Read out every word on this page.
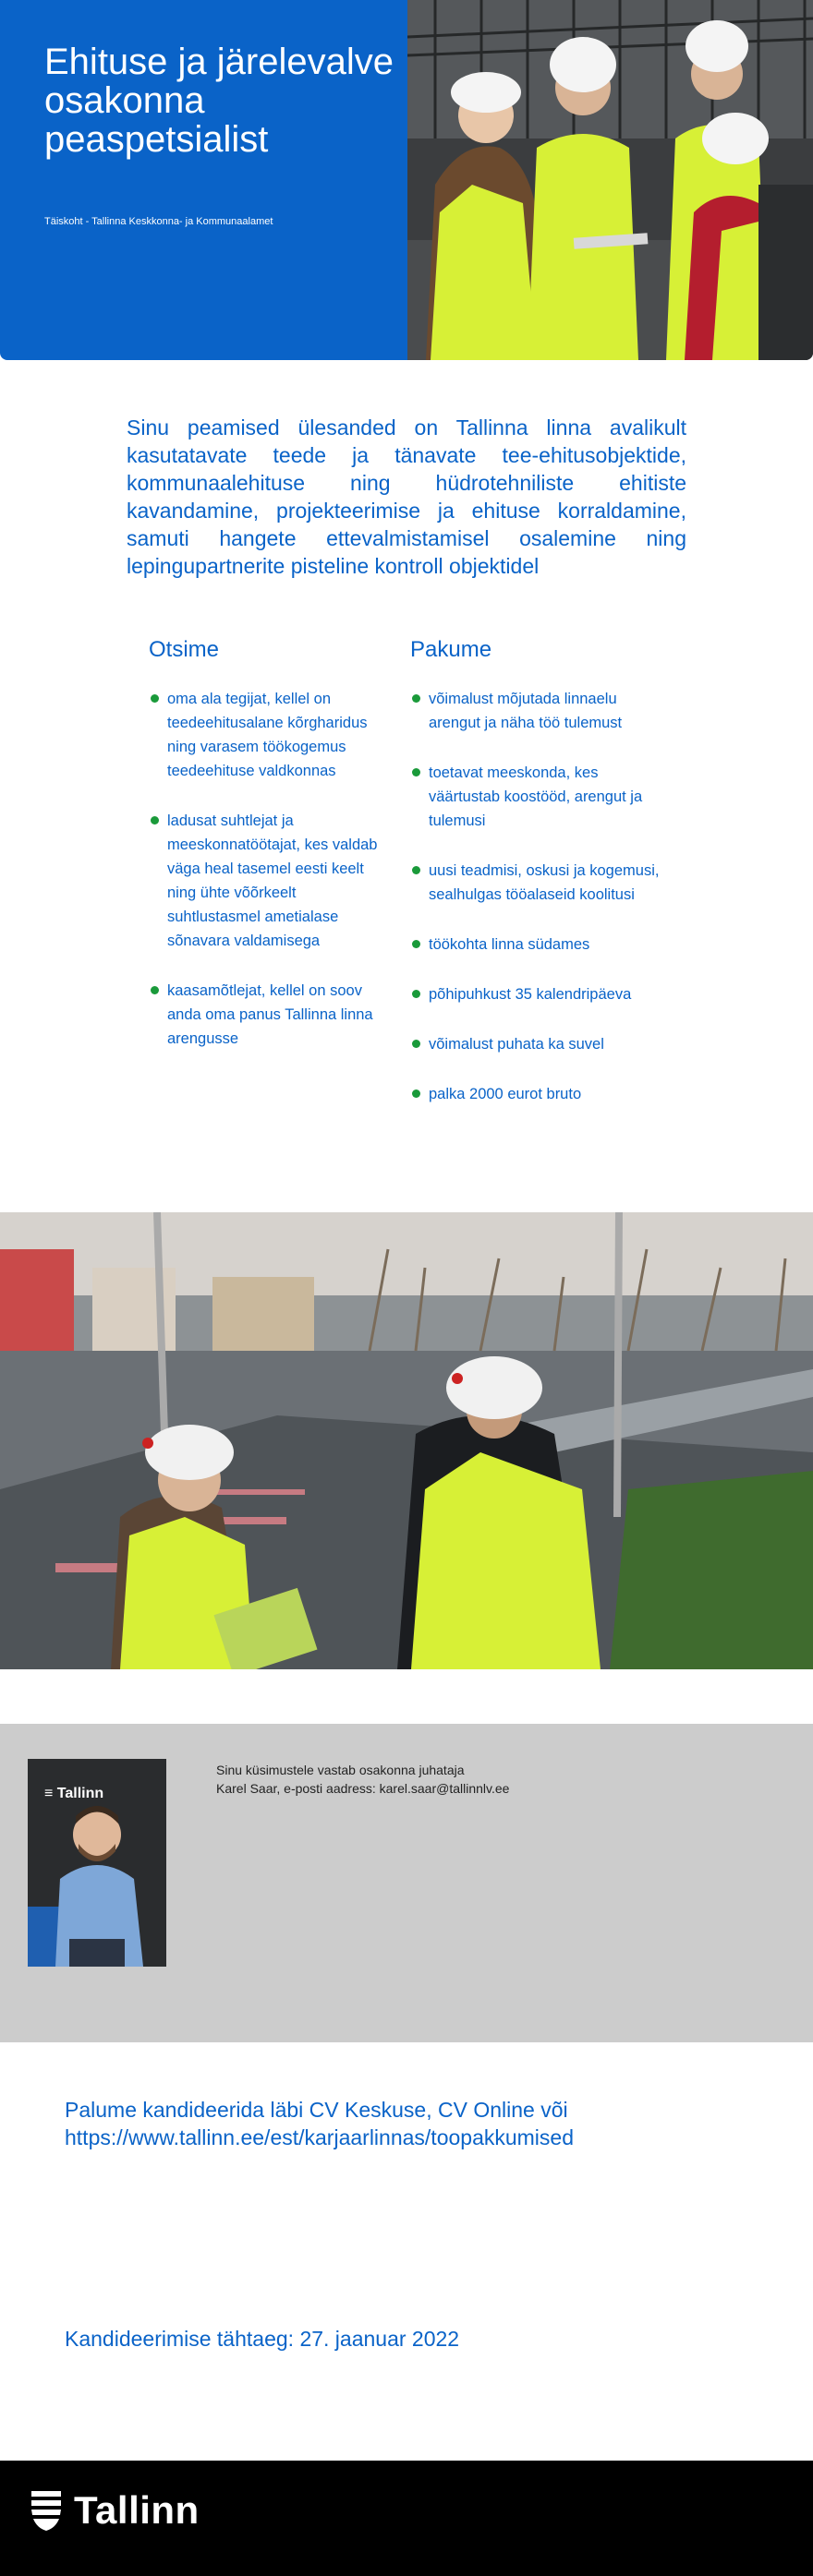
Ehituse ja järelevalve osakonna peaspetsialist
Täiskoht - Tallinna Keskkonna- ja Kommunaalamet

Sinu peamised ülesanded on Tallinna linna avalikult kasutatavate teede ja tänavate tee-ehitusobjektide, kommunaalehituse ning hüdrotehniliste ehitiste kavandamine, projekteerimise ja ehituse korraldamine, samuti hangete ettevalmistamisel osalemine ning lepingupartnerite pisteline kontroll objektidel

Otsime
oma ala tegijat, kellel on teedeehitusalane kõrgharidus ning varasem töökogemus teedeehituse valdkonnas
ladusat suhtlejat ja meeskonnatöötajat, kes valdab väga heal tasemel eesti keelt ning ühte võõrkeelt suhtlustasmel ametialase sõnavara valdamisega
kaasamõtlejat, kellel on soov anda oma panus Tallinna linna arengusse
Pakume
võimalust mõjutada linnaelu arengut ja näha töö tulemust
toetavat meeskonda, kes väärtustab koostööd, arengut ja tulemusi
uusi teadmisi, oskusi ja kogemusi, sealhulgas tööalaseid koolitusi
töökohta linna südames
põhipuhkust 35 kalendripäeva
võimalust puhata ka suvel
palka 2000 eurot bruto
≡ Tallinn
Sinu küsimustele vastab osakonna juhataja
Karel Saar, e-posti aadress: karel.saar@tallinnlv.ee

Palume kandideerida läbi CV Keskuse, CV Online või https://www.tallinn.ee/est/karjaarlinnas/toopakkumised

Kandideerimise tähtaeg: 27. jaanuar 2022

Tallinn
